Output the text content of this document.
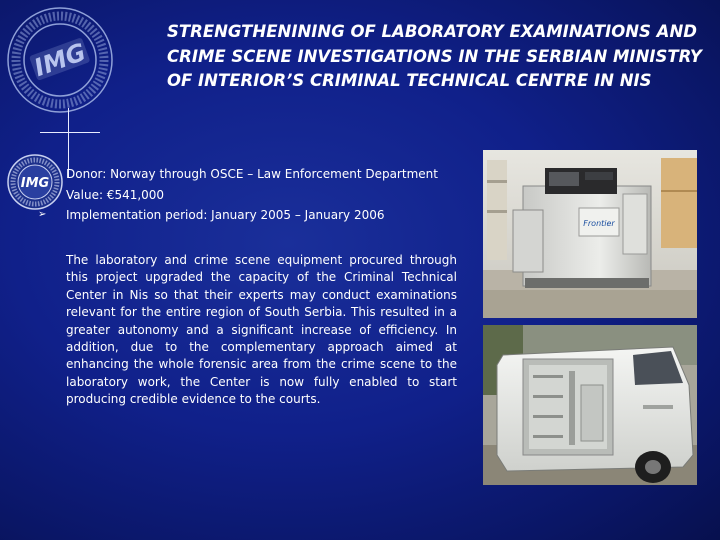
IMG
IMG
STRENGTHENINING OF LABORATORY EXAMINATIONS AND CRIME SCENE INVESTIGATIONS IN THE SERBIAN MINISTRY OF INTERIOR’S CRIMINAL TECHNICAL CENTRE IN NIS
Donor: Norway through OSCE – Law Enforcement Department
Value: €541,000
Implementation period: January 2005 – January 2006
➢

The laboratory and crime scene equipment procured through this project upgraded the capacity of the Criminal Technical Center in Nis so that their experts may conduct examinations relevant for the entire region of South Serbia. This resulted in a greater autonomy and a significant increase of efficiency. In addition, due to the complementary approach aimed at enhancing the whole forensic area from the crime scene to the laboratory work, the Center is now fully enabled to start producing credible evidence to the courts.

Frontier
